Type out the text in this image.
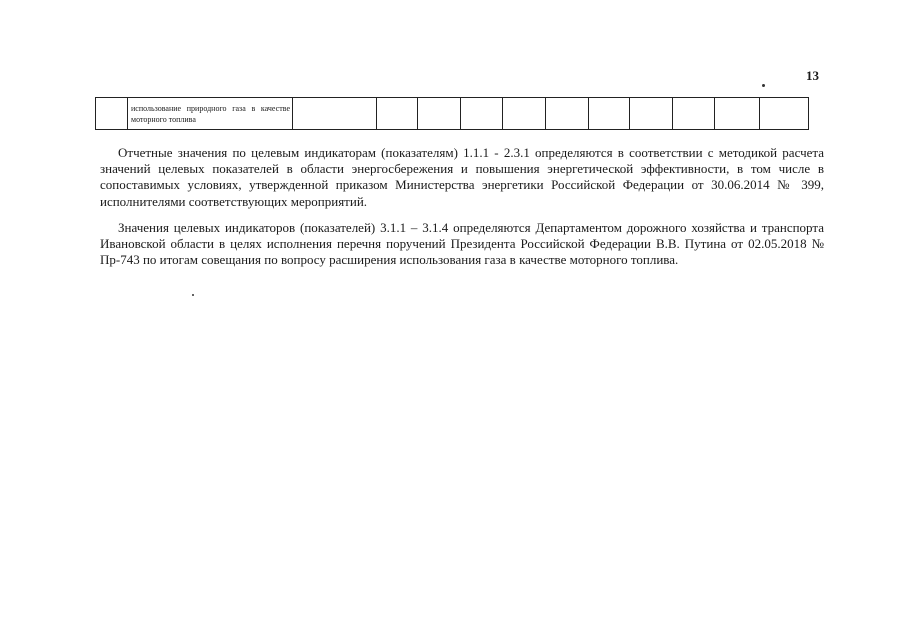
13
	использование природного газа в качестве моторного топлива											

Отчетные значения по целевым индикаторам (показателям) 1.1.1 - 2.3.1 определяются в соответствии с методикой расчета значений целевых показателей в области энергосбережения и повышения энергетической эффективности, в том числе в сопоставимых условиях, утвержденной приказом Министерства энергетики Российской Федерации от 30.06.2014 № 399, исполнителями соответствующих мероприятий.

Значения целевых индикаторов (показателей) 3.1.1 – 3.1.4 определяются Департаментом дорожного хозяйства и транспорта Ивановской области в целях исполнения перечня поручений Президента Российской Федерации В.В. Путина от 02.05.2018 № Пр-743 по итогам совещания по вопросу расширения использования газа в качестве моторного топлива.
